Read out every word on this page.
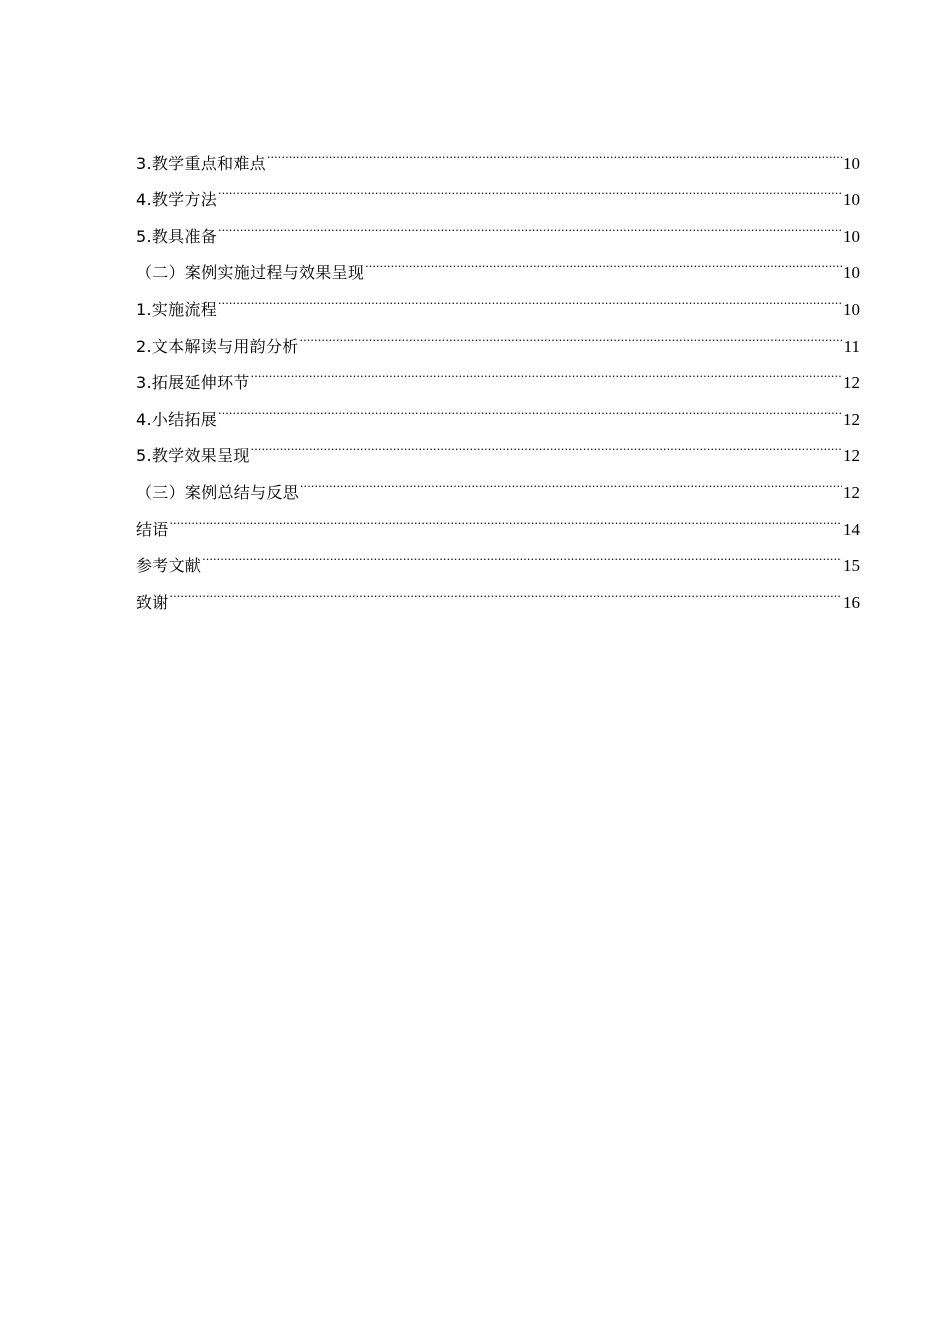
3.教学重点和难点 .....	10
4.教学方法 .....	10
5.教具准备 .....	10
（二）案例实施过程与效果呈现 .....	10
1.实施流程 .....	10
2.文本解读与用韵分析 .....	11
3.拓展延伸环节 .....	12
4.小结拓展 .....	12
5.教学效果呈现 .....	12
（三）案例总结与反思 .....	12
结语 .....	14
参考文献 .....	15
致谢 .....	16
